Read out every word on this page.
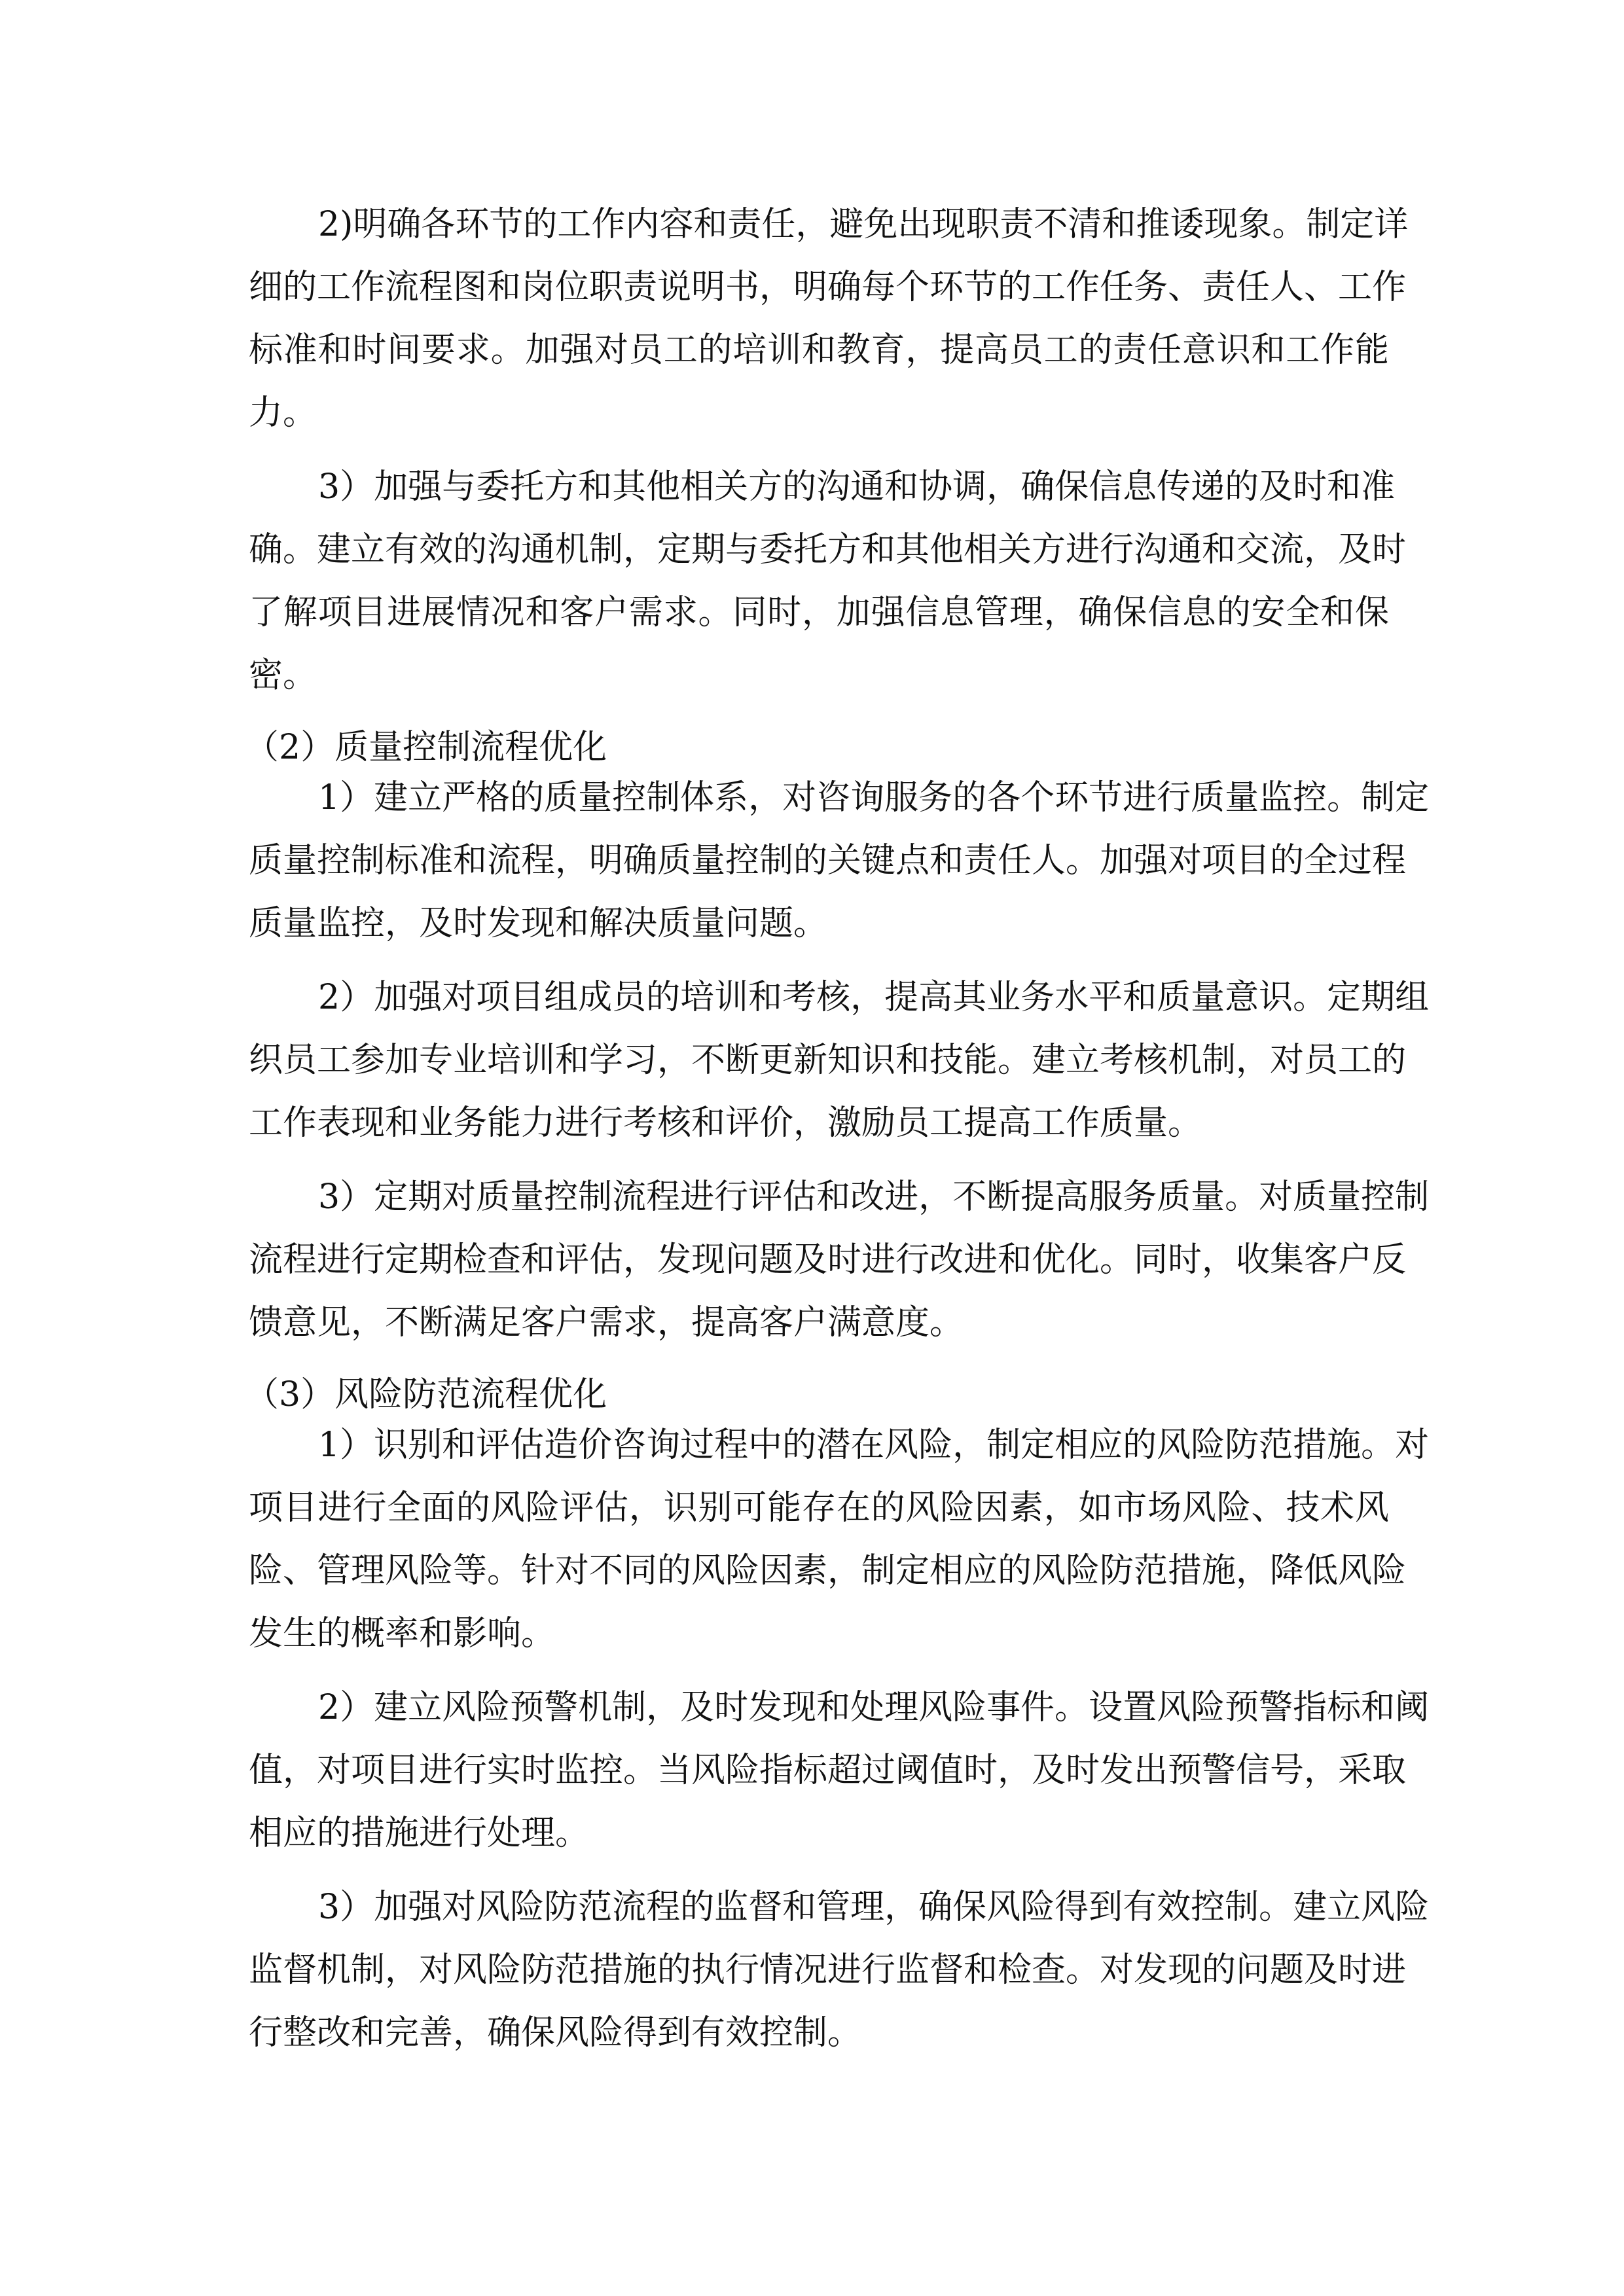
2)明确各环节的工作内容和责任，避免出现职责不清和推诿现象。制定详
细的工作流程图和岗位职责说明书，明确每个环节的工作任务、责任人、工作
标准和时间要求。加强对员工的培训和教育，提高员工的责任意识和工作能
力。
3）加强与委托方和其他相关方的沟通和协调，确保信息传递的及时和准
确。建立有效的沟通机制，定期与委托方和其他相关方进行沟通和交流，及时
了解项目进展情况和客户需求。同时，加强信息管理，确保信息的安全和保
密。
（2）质量控制流程优化
1）建立严格的质量控制体系，对咨询服务的各个环节进行质量监控。制定
质量控制标准和流程，明确质量控制的关键点和责任人。加强对项目的全过程
质量监控，及时发现和解决质量问题。
2）加强对项目组成员的培训和考核，提高其业务水平和质量意识。定期组
织员工参加专业培训和学习，不断更新知识和技能。建立考核机制，对员工的
工作表现和业务能力进行考核和评价，激励员工提高工作质量。
3）定期对质量控制流程进行评估和改进，不断提高服务质量。对质量控制
流程进行定期检查和评估，发现问题及时进行改进和优化。同时，收集客户反
馈意见，不断满足客户需求，提高客户满意度。
（3）风险防范流程优化
1）识别和评估造价咨询过程中的潜在风险，制定相应的风险防范措施。对
项目进行全面的风险评估，识别可能存在的风险因素，如市场风险、技术风
险、管理风险等。针对不同的风险因素，制定相应的风险防范措施，降低风险
发生的概率和影响。
2）建立风险预警机制，及时发现和处理风险事件。设置风险预警指标和阈
值，对项目进行实时监控。当风险指标超过阈值时，及时发出预警信号，采取
相应的措施进行处理。
3）加强对风险防范流程的监督和管理，确保风险得到有效控制。建立风险
监督机制，对风险防范措施的执行情况进行监督和检查。对发现的问题及时进
行整改和完善，确保风险得到有效控制。
